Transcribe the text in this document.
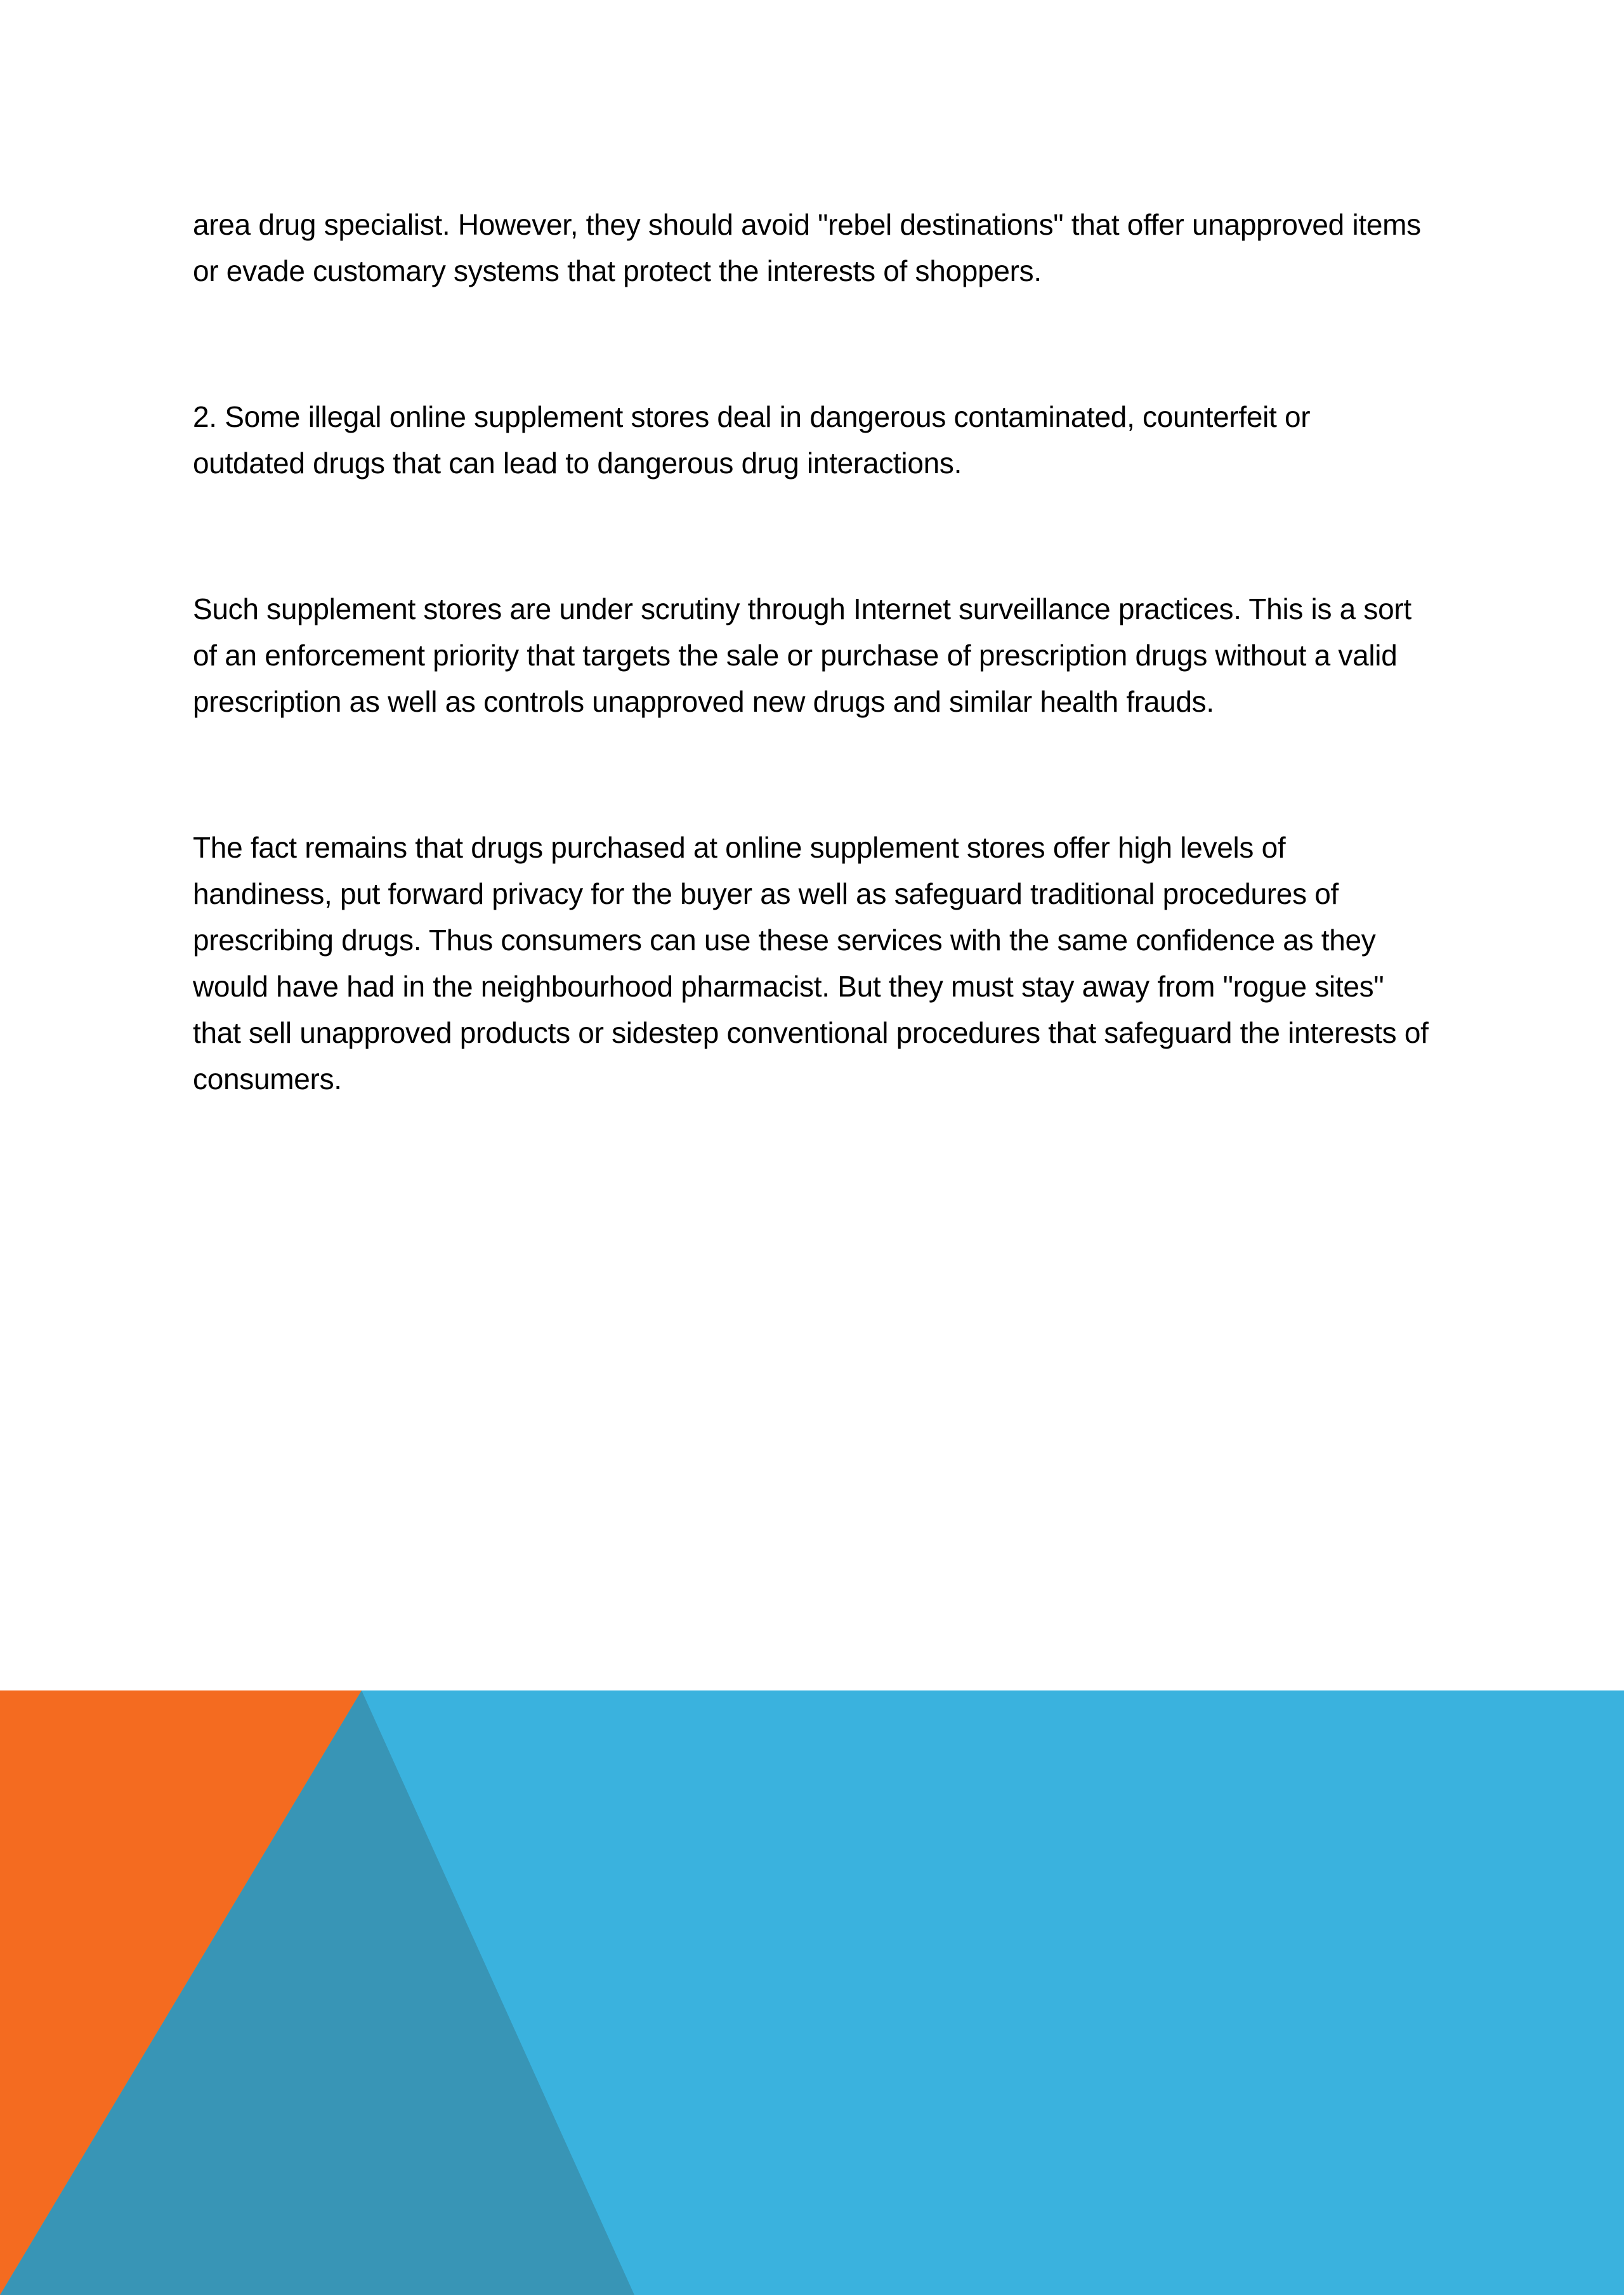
area drug specialist. However, they should avoid "rebel destinations" that offer unapproved items or evade customary systems that protect the interests of shoppers.

2. Some illegal online supplement stores deal in dangerous contaminated, counterfeit or outdated drugs that can lead to dangerous drug interactions.

Such supplement stores are under scrutiny through Internet surveillance practices. This is a sort of an enforcement priority that targets the sale or purchase of prescription drugs without a valid prescription as well as controls unapproved new drugs and similar health frauds.

The fact remains that drugs purchased at online supplement stores offer high levels of handiness, put forward privacy for the buyer as well as safeguard traditional procedures of prescribing drugs. Thus consumers can use these services with the same confidence as they would have had in the neighbourhood pharmacist. But they must stay away from "rogue sites" that sell unapproved products or sidestep conventional procedures that safeguard the interests of consumers.
